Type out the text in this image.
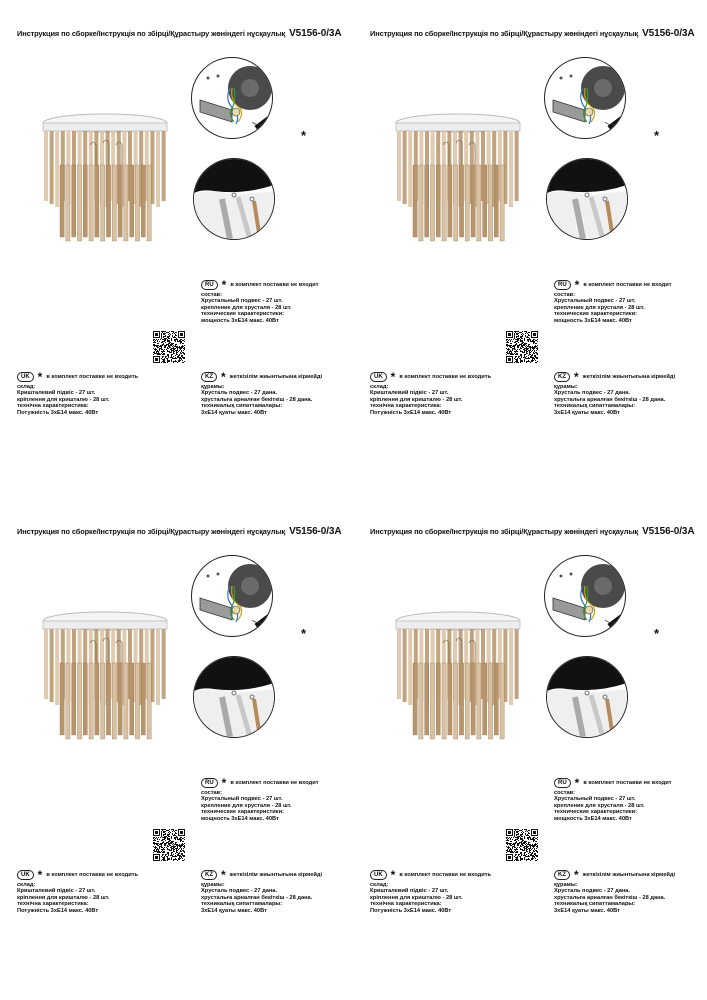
Инструкция по сборке/Інструкція по збірці/Құрастыру жөніндегі нұсқаулық V5156-0/3A
*
RU * в комплект поставки не входит
состав:
Хрустальный подвес - 27 шт.
крепление для хрусталя - 28 шт.
технические характеристики:
мощность 3хЕ14 макс. 40Вт
UK * в комплект поставки не входить
склад:
Кришталевий підвіс - 27 шт.
кріплення для кришталю - 28 шт.
технічна характеристика:
Потужність 3хЕ14 макс. 40Вт
KZ * жеткізілім жиынтығына кірмейді
құрамы:
Хрусталь подвес - 27 дана.
хрустальға арналған бекіткіш - 28 дана.
техникалық сипаттамалары:
3хЕ14 қуаты макс. 40Вт
Инструкция по сборке/Інструкція по збірці/Құрастыру жөніндегі нұсқаулық V5156-0/3A
*
RU * в комплект поставки не входит
состав:
Хрустальный подвес - 27 шт.
крепление для хрусталя - 28 шт.
технические характеристики:
мощность 3хЕ14 макс. 40Вт
UK * в комплект поставки не входить
склад:
Кришталевий підвіс - 27 шт.
кріплення для кришталю - 28 шт.
технічна характеристика:
Потужність 3хЕ14 макс. 40Вт
KZ * жеткізілім жиынтығына кірмейді
құрамы:
Хрусталь подвес - 27 дана.
хрустальға арналған бекіткіш - 28 дана.
техникалық сипаттамалары:
3хЕ14 қуаты макс. 40Вт
Инструкция по сборке/Інструкція по збірці/Құрастыру жөніндегі нұсқаулық V5156-0/3A
*
RU * в комплект поставки не входит
состав:
Хрустальный подвес - 27 шт.
крепление для хрусталя - 28 шт.
технические характеристики:
мощность 3хЕ14 макс. 40Вт
UK * в комплект поставки не входить
склад:
Кришталевий підвіс - 27 шт.
кріплення для кришталю - 28 шт.
технічна характеристика:
Потужність 3хЕ14 макс. 40Вт
KZ * жеткізілім жиынтығына кірмейді
құрамы:
Хрусталь подвес - 27 дана.
хрустальға арналған бекіткіш - 28 дана.
техникалық сипаттамалары:
3хЕ14 қуаты макс. 40Вт
Инструкция по сборке/Інструкція по збірці/Құрастыру жөніндегі нұсқаулық V5156-0/3A
*
RU * в комплект поставки не входит
состав:
Хрустальный подвес - 27 шт.
крепление для хрусталя - 28 шт.
технические характеристики:
мощность 3хЕ14 макс. 40Вт
UK * в комплект поставки не входить
склад:
Кришталевий підвіс - 27 шт.
кріплення для кришталю - 28 шт.
технічна характеристика:
Потужність 3хЕ14 макс. 40Вт
KZ * жеткізілім жиынтығына кірмейді
құрамы:
Хрусталь подвес - 27 дана.
хрустальға арналған бекіткіш - 28 дана.
техникалық сипаттамалары:
3хЕ14 қуаты макс. 40Вт
